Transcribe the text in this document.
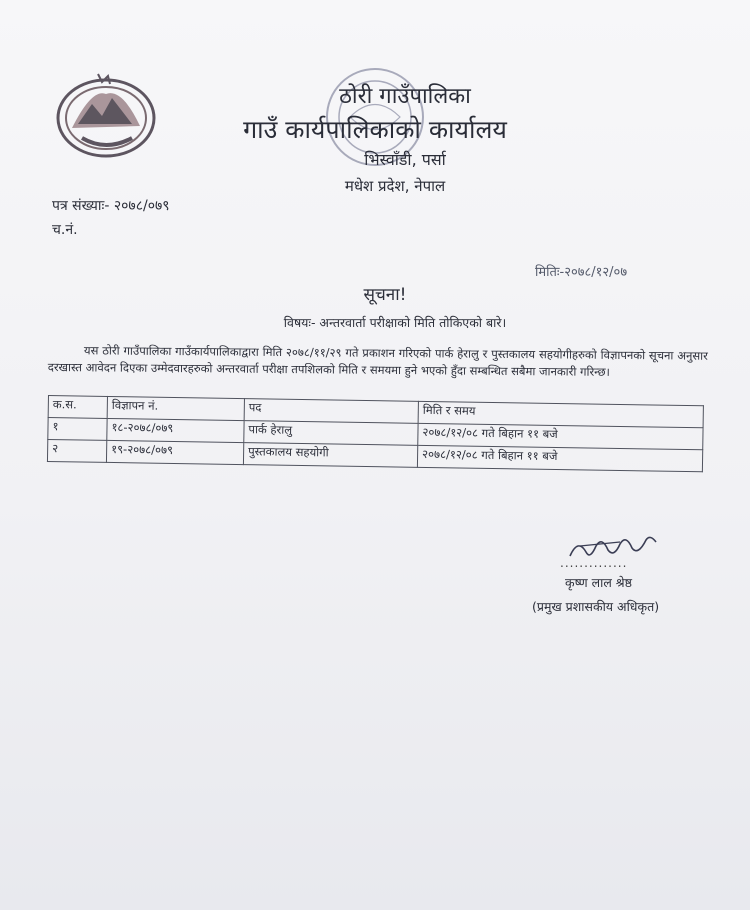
ठोरी गाउँपालिका
गाउँ कार्यपालिकाको कार्यालय
भिस्वाँडी, पर्सा
मधेश प्रदेश, नेपाल
पत्र संख्याः- २०७८/०७९
च.नं.
मितिः-२०७८/१२/०७
सूचना!
विषयः- अन्तरवार्ता परीक्षाको मिति तोकिएको बारे।
यस ठोरी गाउँपालिका गाउँकार्यपालिकाद्वारा मिति २०७८/११/२९ गते प्रकाशन गरिएको पार्क हेरालु र पुस्तकालय सहयोगीहरुको विज्ञापनको सूचना अनुसार दरखास्त आवेदन दिएका उम्मेदवारहरुको अन्तरवार्ता परीक्षा तपशिलको मिति र समयमा हुने भएको हुँदा सम्बन्धित सबैमा जानकारी गरिन्छ।
क.स.	विज्ञापन नं.	पद	मिति र समय
१	१८-२०७८/०७९	पार्क हेरालु	२०७८/१२/०८ गते बिहान ११ बजे
२	१९-२०७८/०७९	पुस्तकालय सहयोगी	२०७८/१२/०८ गते बिहान ११ बजे
..............
कृष्ण लाल श्रेष्ठ
(प्रमुख प्रशासकीय अधिकृत)
